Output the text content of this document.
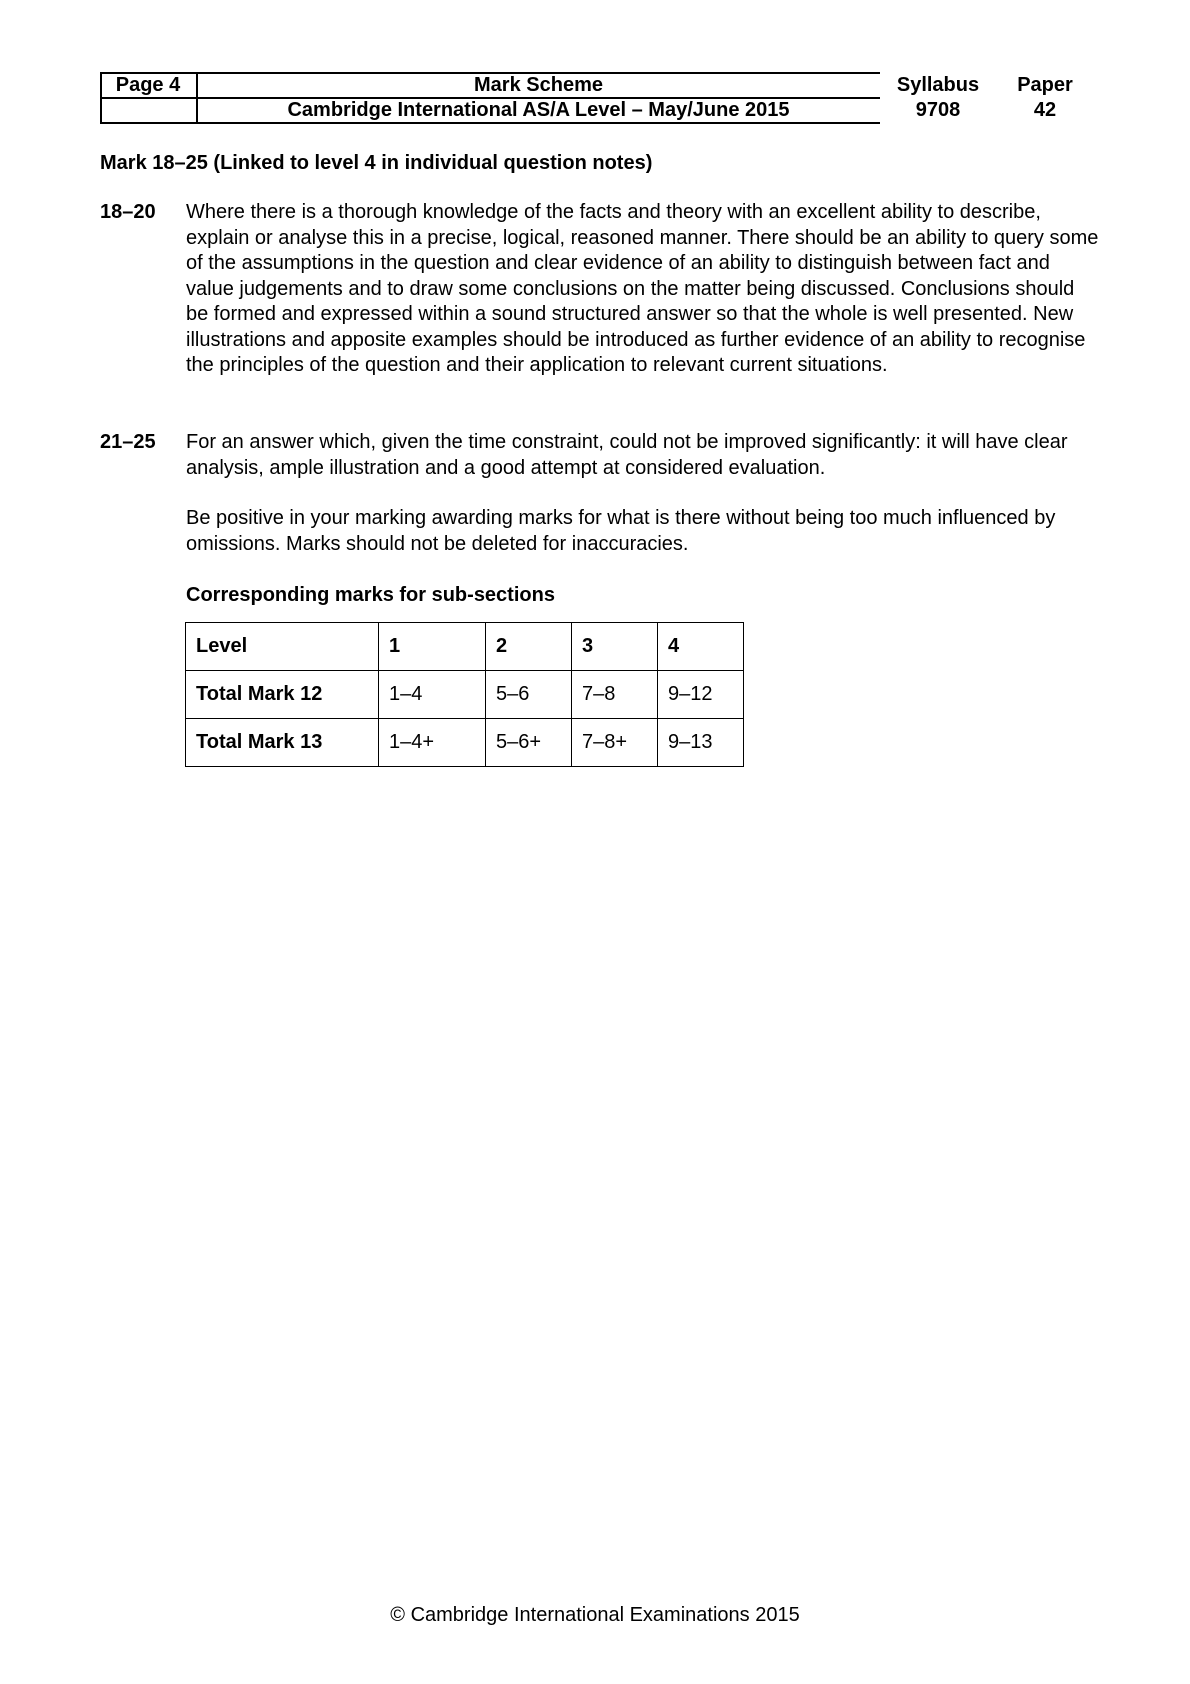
Page 4	Mark Scheme
Cambridge International AS/A Level – May/June 2015
Syllabus
9708
Paper
42
Mark 18–25 (Linked to level 4 in individual question notes)
18–20 Where there is a thorough knowledge of the facts and theory with an excellent ability to describe, explain or analyse this in a precise, logical, reasoned manner. There should be an ability to query some of the assumptions in the question and clear evidence of an ability to distinguish between fact and value judgements and to draw some conclusions on the matter being discussed. Conclusions should be formed and expressed within a sound structured answer so that the whole is well presented. New illustrations and apposite examples should be introduced as further evidence of an ability to recognise the principles of the question and their application to relevant current situations.
21–25 For an answer which, given the time constraint, could not be improved significantly: it will have clear analysis, ample illustration and a good attempt at considered evaluation.
Be positive in your marking awarding marks for what is there without being too much influenced by omissions. Marks should not be deleted for inaccuracies.
Corresponding marks for sub-sections
Level	1	2	3	4
Total Mark 12	1–4	5–6	7–8	9–12
Total Mark 13	1–4+	5–6+	7–8+	9–13
© Cambridge International Examinations 2015
